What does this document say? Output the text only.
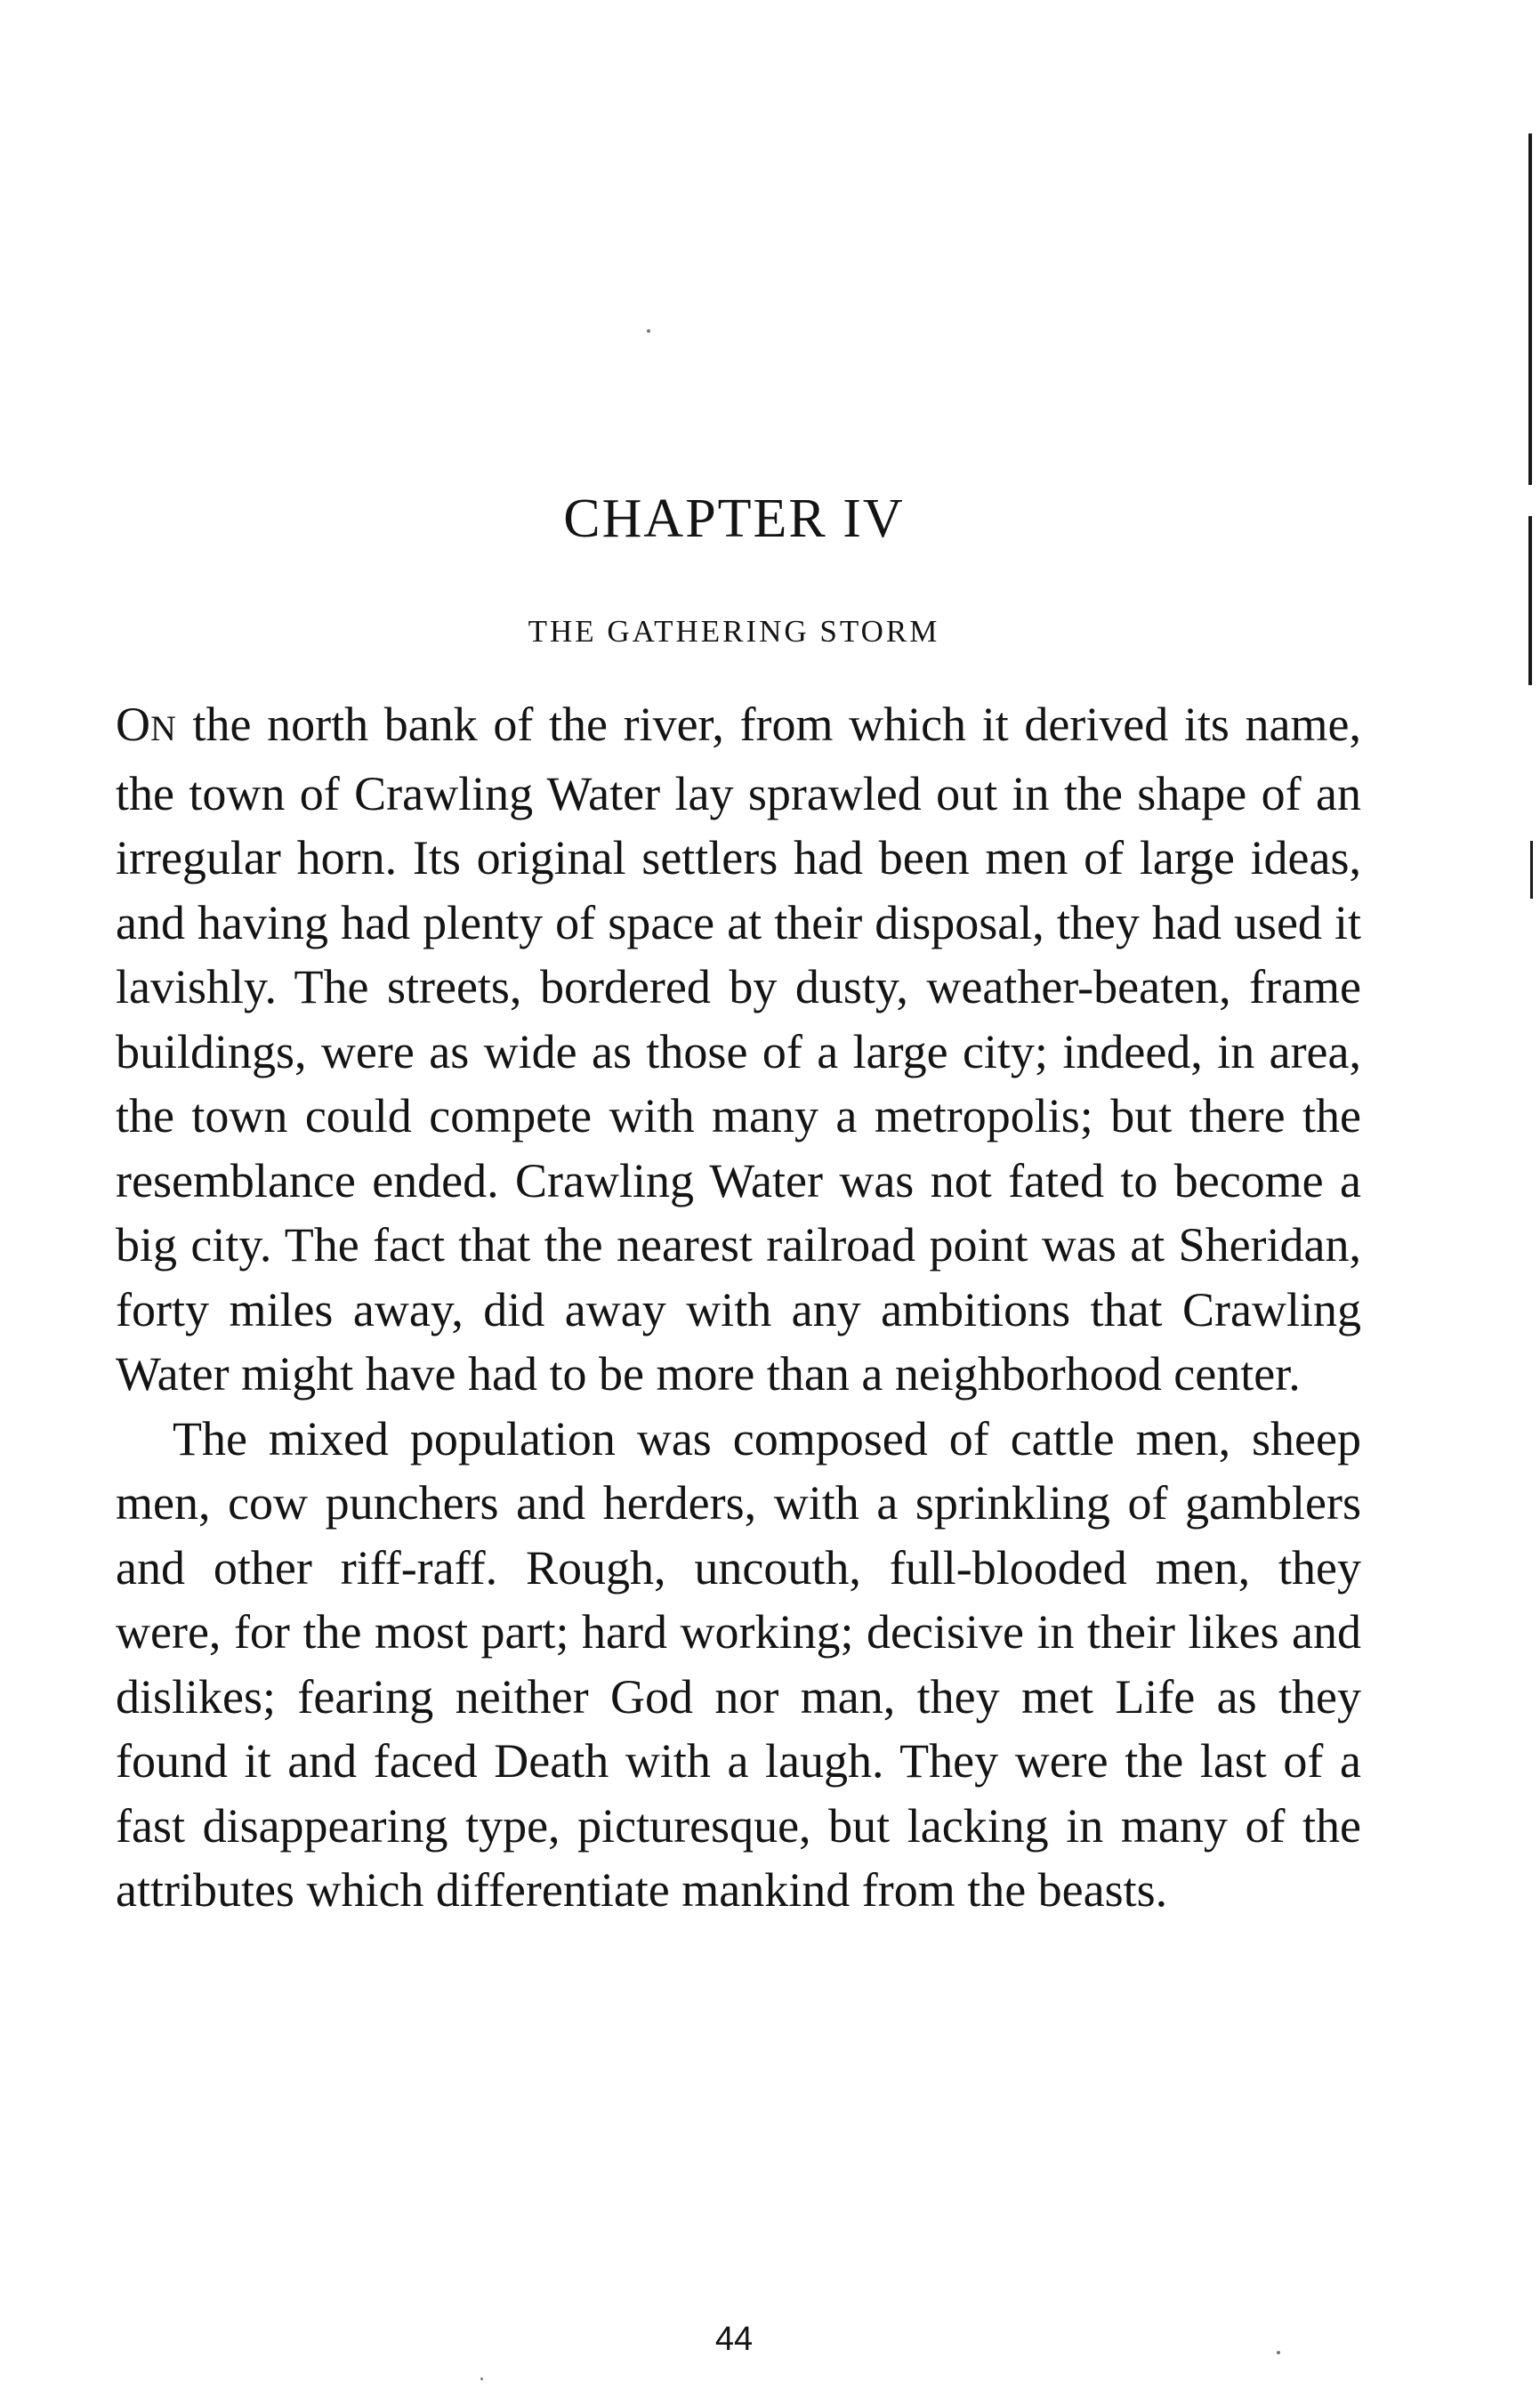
CHAPTER IV
THE GATHERING STORM

ON the north bank of the river, from which it derived its name, the town of Crawling Water lay sprawled out in the shape of an irregular horn. Its original settlers had been men of large ideas, and having had plenty of space at their disposal, they had used it lavishly. The streets, bordered by dusty, weather-beaten, frame buildings, were as wide as those of a large city; indeed, in area, the town could compete with many a metropolis; but there the resemblance ended. Crawling Water was not fated to become a big city. The fact that the nearest railroad point was at Sheridan, forty miles away, did away with any ambitions that Crawling Water might have had to be more than a neighborhood center.

The mixed population was composed of cattle men, sheep men, cow punchers and herders, with a sprinkling of gamblers and other riff-raff. Rough, uncouth, full-blooded men, they were, for the most part; hard working; decisive in their likes and dislikes; fearing neither God nor man, they met Life as they found it and faced Death with a laugh. They were the last of a fast disappearing type, picturesque, but lacking in many of the attributes which differentiate mankind from the beasts.

44
